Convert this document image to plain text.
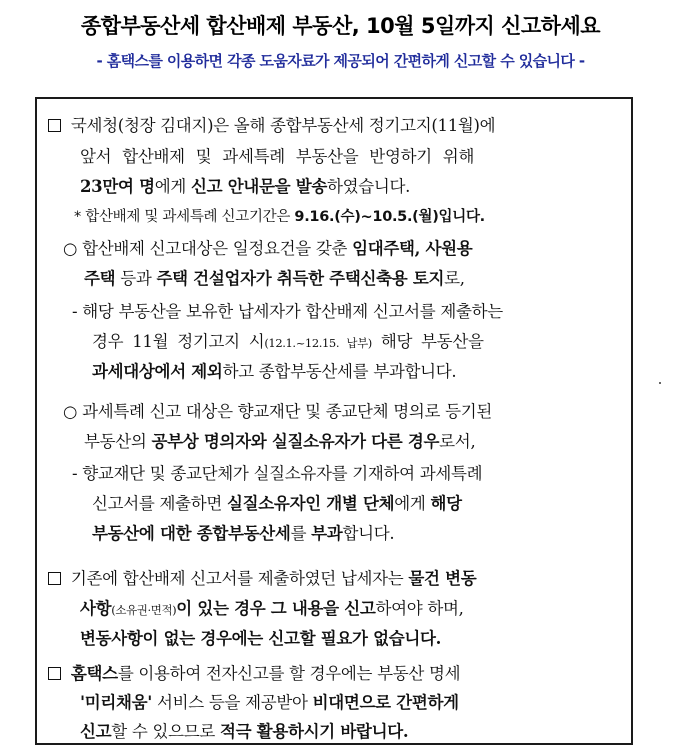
종합부동산세 합산배제 부동산, 10월 5일까지 신고하세요
- 홈택스를 이용하면 각종 도움자료가 제공되어 간편하게 신고할 수 있습니다 -
국세청(청장 김대지)은 올해 종합부동산세 정기고지(11월)에
앞서 합산배제 및 과세특례 부동산을 반영하기 위해
23만여 명에게 신고 안내문을 발송하였습니다.
* 합산배제 및 과세특례 신고기간은 9.16.(수)~10.5.(월)입니다.
○ 합산배제 신고대상은 일정요건을 갖춘 임대주택, 사원용
주택 등과 주택 건설업자가 취득한 주택신축용 토지로,
- 해당 부동산을 보유한 납세자가 합산배제 신고서를 제출하는
경우 11월 정기고지 시(12.1.~12.15. 납부) 해당 부동산을
과세대상에서 제외하고 종합부동산세를 부과합니다.
○ 과세특례 신고 대상은 향교재단 및 종교단체 명의로 등기된
부동산의 공부상 명의자와 실질소유자가 다른 경우로서,
- 향교재단 및 종교단체가 실질소유자를 기재하여 과세특례
신고서를 제출하면 실질소유자인 개별 단체에게 해당
부동산에 대한 종합부동산세를 부과합니다.
기존에 합산배제 신고서를 제출하였던 납세자는 물건 변동
사항(소유권·면적)이 있는 경우 그 내용을 신고하여야 하며,
변동사항이 없는 경우에는 신고할 필요가 없습니다.
홈택스를 이용하여 전자신고를 할 경우에는 부동산 명세
'미리채움' 서비스 등을 제공받아 비대면으로 간편하게
신고할 수 있으므로 적극 활용하시기 바랍니다.
